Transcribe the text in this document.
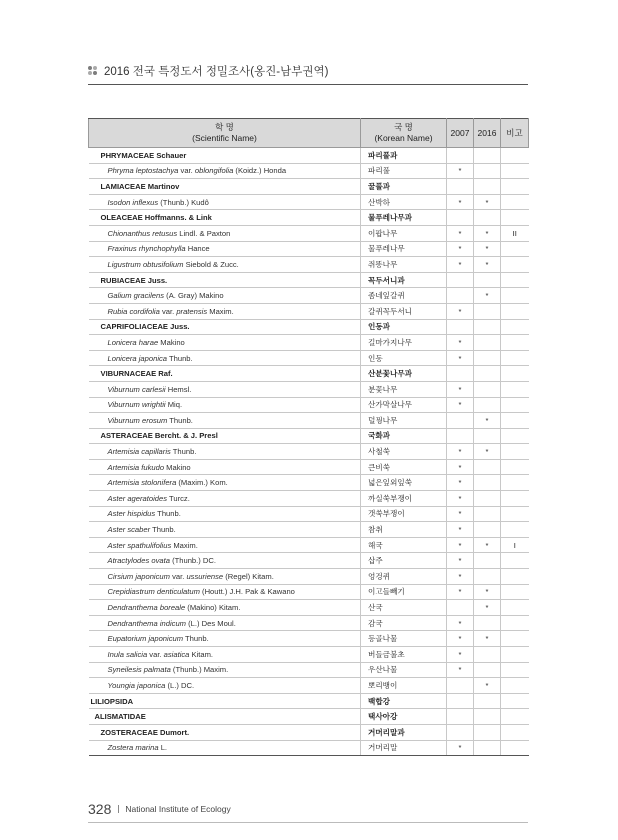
2016 전국 특정도서 정밀조사(옹진-남부권역)
학 명
(Scientific Name)	국 명
(Korean Name)	2007	2016	비고
PHRYMACEAE Schauer	파리풀과			
Phryma leptostachya var. oblongifolia (Koidz.) Honda	파리풀	*		
LAMIACEAE Martinov	꿀풀과			
Isodon inflexus (Thunb.) Kudô	산박하	*	*	
OLEACEAE Hoffmanns. & Link	물푸레나무과			
Chionanthus retusus Lindl. & Paxton	이팝나무	*	*	II
Fraxinus rhynchophylla Hance	물푸레나무	*	*	
Ligustrum obtusifolium Siebold & Zucc.	쥐똥나무	*	*	
RUBIACEAE Juss.	꼭두서니과			
Galium gracilens (A. Gray) Makino	좀네잎갈퀴		*	
Rubia cordifolia var. pratensis Maxim.	갈퀴꼭두서니	*		
CAPRIFOLIACEAE Juss.	인동과			
Lonicera harae Makino	길마가지나무	*		
Lonicera japonica Thunb.	인동	*		
VIBURNACEAE Raf.	산분꽃나무과			
Viburnum carlesii Hemsl.	분꽃나무	*		
Viburnum wrightii Miq.	산가막살나무	*		
Viburnum erosum Thunb.	덜꿩나무		*	
ASTERACEAE Bercht. & J. Presl	국화과			
Artemisia capillaris Thunb.	사철쑥	*	*	
Artemisia fukudo Makino	큰비쑥	*		
Artemisia stolonifera (Maxim.) Kom.	넓은잎외잎쑥	*		
Aster ageratoides Turcz.	까실쑥부쟁이	*		
Aster hispidus Thunb.	갯쑥부쟁이	*		
Aster scaber Thunb.	참취	*		
Aster spathulifolius Maxim.	해국	*	*	I
Atractylodes ovata (Thunb.) DC.	삽주	*		
Cirsium japonicum var. ussuriense (Regel) Kitam.	엉겅퀴	*		
Crepidiastrum denticulatum (Houtt.) J.H. Pak & Kawano	이고들빼기	*	*	
Dendranthema boreale (Makino) Kitam.	산국		*	
Dendranthema indicum (L.) Des Moul.	감국	*		
Eupatorium japonicum Thunb.	등골나물	*	*	
Inula salicia var. asiatica Kitam.	버들금불초	*		
Syneilesis palmata (Thunb.) Maxim.	우산나물	*		
Youngia japonica (L.) DC.	뽀리뱅이		*	
LILIOPSIDA	백합강			
ALISMATIDAE	택사아강			
ZOSTERACEAE Dumort.	거머리말과			
Zostera marina L.	거머리말	*		
328 National Institute of Ecology
